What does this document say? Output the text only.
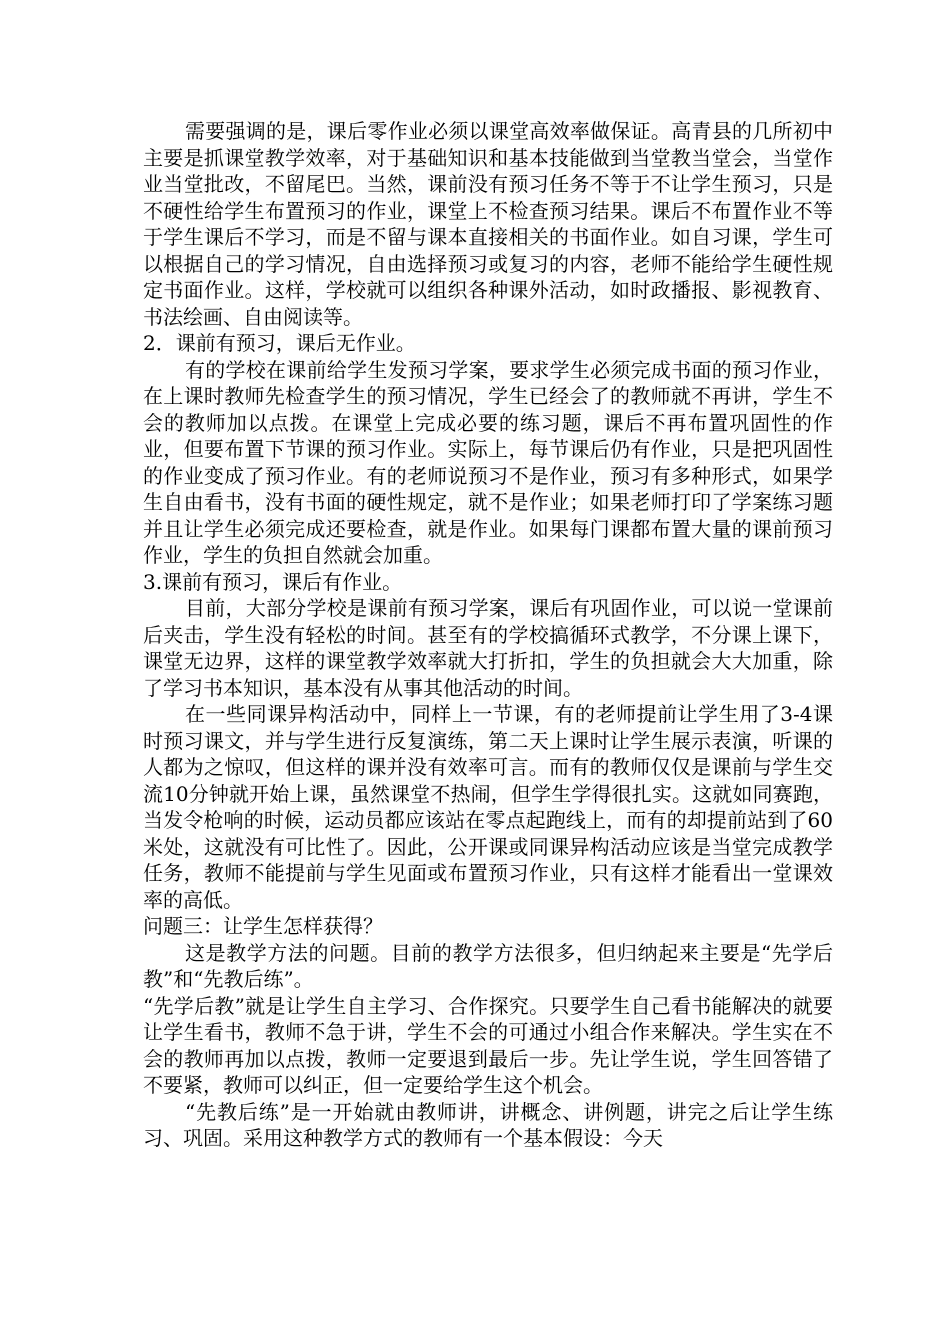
需要强调的是，课后零作业必须以课堂高效率做保证。高青县的几所初中主要是抓课堂教学效率，对于基础知识和基本技能做到当堂教当堂会，当堂作业当堂批改，不留尾巴。当然，课前没有预习任务不等于不让学生预习，只是不硬性给学生布置预习的作业，课堂上不检查预习结果。课后不布置作业不等于学生课后不学习，而是不留与课本直接相关的书面作业。如自习课，学生可以根据自己的学习情况，自由选择预习或复习的内容，老师不能给学生硬性规定书面作业。这样，学校就可以组织各种课外活动，如时政播报、影视教育、书法绘画、自由阅读等。

2．课前有预习，课后无作业。

有的学校在课前给学生发预习学案，要求学生必须完成书面的预习作业，在上课时教师先检查学生的预习情况，学生已经会了的教师就不再讲，学生不会的教师加以点拨。在课堂上完成必要的练习题，课后不再布置巩固性的作业，但要布置下节课的预习作业。实际上，每节课后仍有作业，只是把巩固性的作业变成了预习作业。有的老师说预习不是作业，预习有多种形式，如果学生自由看书，没有书面的硬性规定，就不是作业；如果老师打印了学案练习题并且让学生必须完成还要检查，就是作业。如果每门课都布置大量的课前预习作业，学生的负担自然就会加重。

3.课前有预习，课后有作业。

目前，大部分学校是课前有预习学案，课后有巩固作业，可以说一堂课前后夹击，学生没有轻松的时间。甚至有的学校搞循环式教学，不分课上课下，课堂无边界，这样的课堂教学效率就大打折扣，学生的负担就会大大加重，除了学习书本知识，基本没有从事其他活动的时间。

在一些同课异构活动中，同样上一节课，有的老师提前让学生用了3-4课时预习课文，并与学生进行反复演练，第二天上课时让学生展示表演，听课的人都为之惊叹，但这样的课并没有效率可言。而有的教师仅仅是课前与学生交流10分钟就开始上课，虽然课堂不热闹，但学生学得很扎实。这就如同赛跑，当发令枪响的时候，运动员都应该站在零点起跑线上，而有的却提前站到了60米处，这就没有可比性了。因此，公开课或同课异构活动应该是当堂完成教学任务，教师不能提前与学生见面或布置预习作业，只有这样才能看出一堂课效率的高低。

问题三：让学生怎样获得？

这是教学方法的问题。目前的教学方法很多，但归纳起来主要是“先学后教”和“先教后练”。

“先学后教”就是让学生自主学习、合作探究。只要学生自己看书能解决的就要让学生看书，教师不急于讲，学生不会的可通过小组合作来解决。学生实在不会的教师再加以点拨，教师一定要退到最后一步。先让学生说，学生回答错了不要紧，教师可以纠正，但一定要给学生这个机会。

“先教后练”是一开始就由教师讲，讲概念、讲例题，讲完之后让学生练习、巩固。采用这种教学方式的教师有一个基本假设：今天
